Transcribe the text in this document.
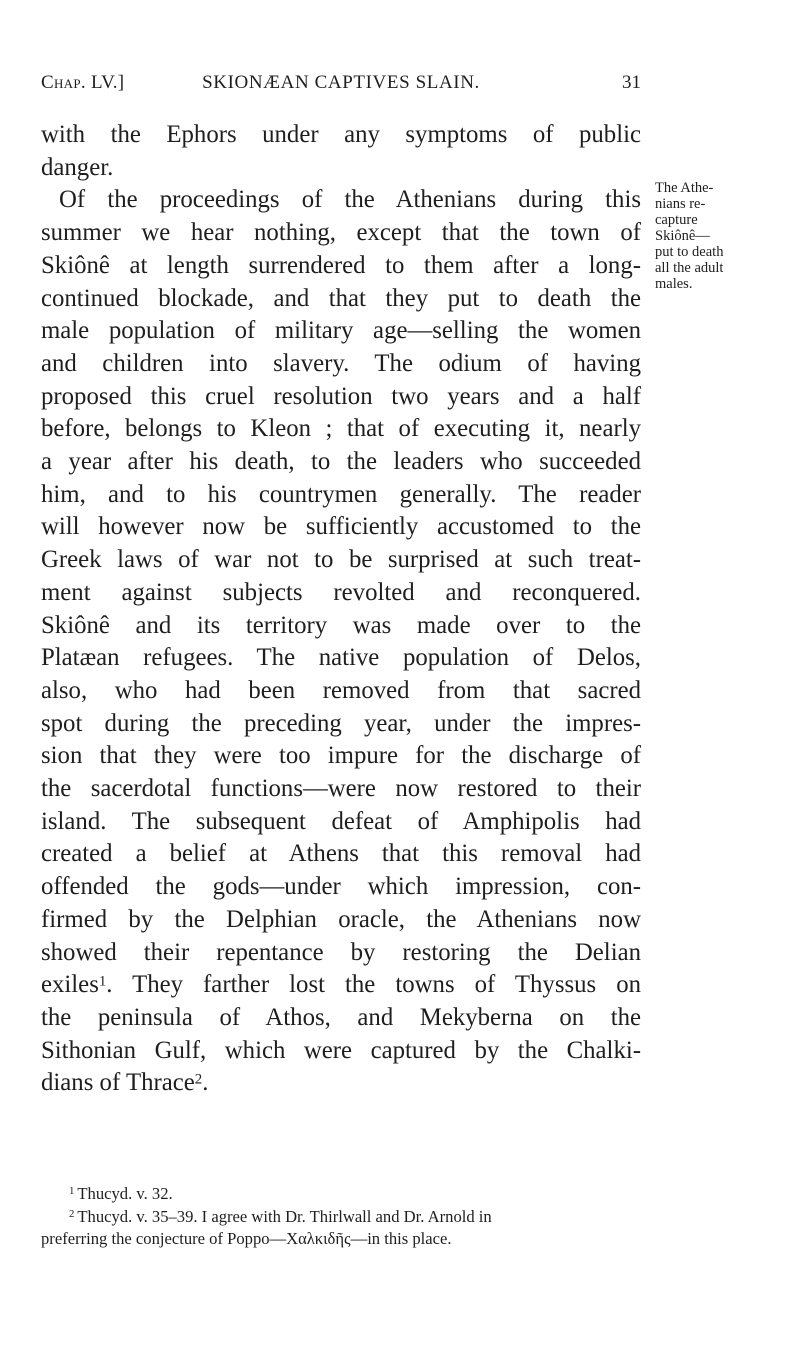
Chap. LV.]	SKIONÆAN CAPTIVES SLAIN.	31
with the Ephors under any symptoms of public
danger.
Of the proceedings of the Athenians during this
summer we hear nothing, except that the town of
Skiônê at length surrendered to them after a long-
continued blockade, and that they put to death the
male population of military age—selling the women
and children into slavery. The odium of having
proposed this cruel resolution two years and a half
before, belongs to Kleon ; that of executing it, nearly
a year after his death, to the leaders who succeeded
him, and to his countrymen generally. The reader
will however now be sufficiently accustomed to the
Greek laws of war not to be surprised at such treat-
ment against subjects revolted and reconquered.
Skiônê and its territory was made over to the
Platæan refugees. The native population of Delos,
also, who had been removed from that sacred
spot during the preceding year, under the impres-
sion that they were too impure for the discharge of
the sacerdotal functions—were now restored to their
island. The subsequent defeat of Amphipolis had
created a belief at Athens that this removal had
offended the gods—under which impression, con-
firmed by the Delphian oracle, the Athenians now
showed their repentance by restoring the Delian
exiles$^1$. They farther lost the towns of Thyssus on
the peninsula of Athos, and Mekyberna on the
Sithonian Gulf, which were captured by the Chalki-
dians of Thrace$^2$.
The Athe-
nians re-
capture
Skiônê—
put to death
all the adult
males.
$^1$ Thucyd. v. 32.
$^2$ Thucyd. v. 35–39. I agree with Dr. Thirlwall and Dr. Arnold in
preferring the conjecture of Poppo—Χαλκιδῆς—in this place.
